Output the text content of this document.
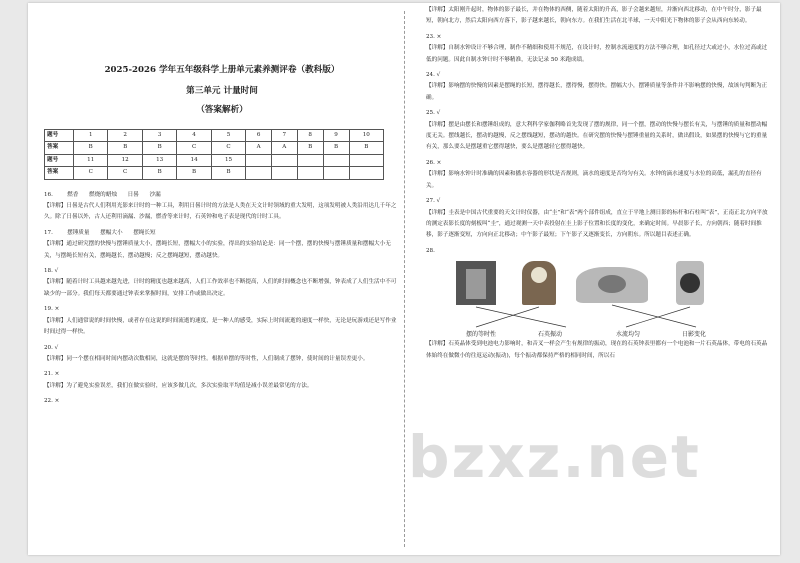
2025-2026 学年五年级科学上册单元素养测评卷（教科版）
第三单元 计量时间
（答案解析）
题号	1	2	3	4	5	6	7	8	9	10
答案	B	B	B	C	C	A	A	B	B	B
题号	11	12	13	14	15					
答案	C	C	B	B	B					
16.        燃香      燃烧的蜡烛      日晷      沙漏
【详解】日晷是古代人们利用光影来计时的一种工具，利用日晷计时的方法是人类在天文计时领域的重大发明，这项发明被人类沿用达几千年之久。除了日晷以外，古人还利用滴漏、沙漏，燃香等来计时，石英钟和电子表是现代的计时工具。
17.        摆锤质量      摆幅大小      摆绳长短
【详解】通过研究摆的快慢与摆锤质量大小，摆绳长短，摆幅大小的实验，得出的实验结论是：同一个摆，摆的快慢与摆锤质量和摆幅大小无关，与摆绳长短有关，摆绳越长，摆动越慢；反之摆绳越短，摆动越快。
18. √
【详解】随着计时工具越来越先进，计时的精度也越来越高，人们工作效率也不断提高，人们的时间概念也不断增强，钟表成了人们生活中不可缺少的一部分。我们每天都要通过钟表来掌握时间，安排工作或做出决定。
19. ×
【详解】人们通常说的时间快慢，或者存在这说的时间流逝的速度，是一种人的感受，实际上时间流逝的速度一样快，无论是玩游戏还是写作业时间过得一样快。
20. √
【详解】同一个摆在相同时间内摆动次数相同，这就是摆的等时性。根据单摆的等时性，人们制成了摆钟，使时间的计量误差更小。
21. ×
【详解】为了避免实验误差，我们在做实验时，应该多做几次，多次实验取平均值是减小误差最常见的方法。
22. ×
【详解】太阳刚升起时，物体的影子最长，并在物体的西侧，随着太阳的升高，影子会越来越短，并渐向西北移动，在中午时分，影子最短，朝向北方，然后太阳向西方落下，影子越来越长，朝向东方。在我们生活在北半球，一天中阳光下物体的影子会从西向东转动。
23. ×
【详解】自制水钟设计不够合理，制作不精细和使用不规范，在设计时，控制水流速度的方法不够合理，如孔径过大或过小，水位过高或过低的问题。因此自制水钟计时不够精准，无法记录 50 米跑成绩。
24. √
【详解】影响摆的快慢的因素是摆绳的长短，摆得越长，摆得慢，摆得快。摆幅大小，摆锤质量等条件并不影响摆的快慢，故该句判断为正确。
25. √
【详解】摆是由摆长和摆锤组成的，意大利科学家伽利略首先发现了摆的规律，同一个摆，摆动的快慢与摆长有关，与摆锤的质量和摆动幅度无关。摆线越长，摆动的越慢，反之摆线越短，摆动的越快。在研究摆的快慢与摆锤重量的关系时，做出假设，如果摆的快慢与它的重量有关，那么要么是摆越重它摆得越快，要么是摆越轻它摆得越快。
26. ×
【详解】影响水钟计时准确的因素和播水容器的形状是否规则，滴水的速度是否均匀有关。水钟的滴水速度与水位的高低，漏孔的直径有关。
27. √
【详解】圭表是中国古代重要的天文计时仪器，由“圭”和“表”两个部件组成，直立于平地上测日影的标杆和石柱叫“表”，正南正北方向平放的测定表影长度的刻板叫“圭”，通过观测一天中表投射在圭上影子位置和长度的变化，来确定时间。早晨影子长，方向朝西；随着时间推移，影子逐渐变短，方向向正北移动；中午影子最短；下午影子又逐渐变长，方向朝东。所以题目表述正确。
28.
摆的等时性	石英振动	水流均匀	日影变化
【详解】石英晶体受到电池电力影响时，和音叉一样会产生有规律的振动，现在的石英钟表里都有一个电池和一片石英晶体，带电的石英晶体始终在做微小的往返运动(振动)，每个振动都保持严格的相同时间，所以石
bzxz.net
